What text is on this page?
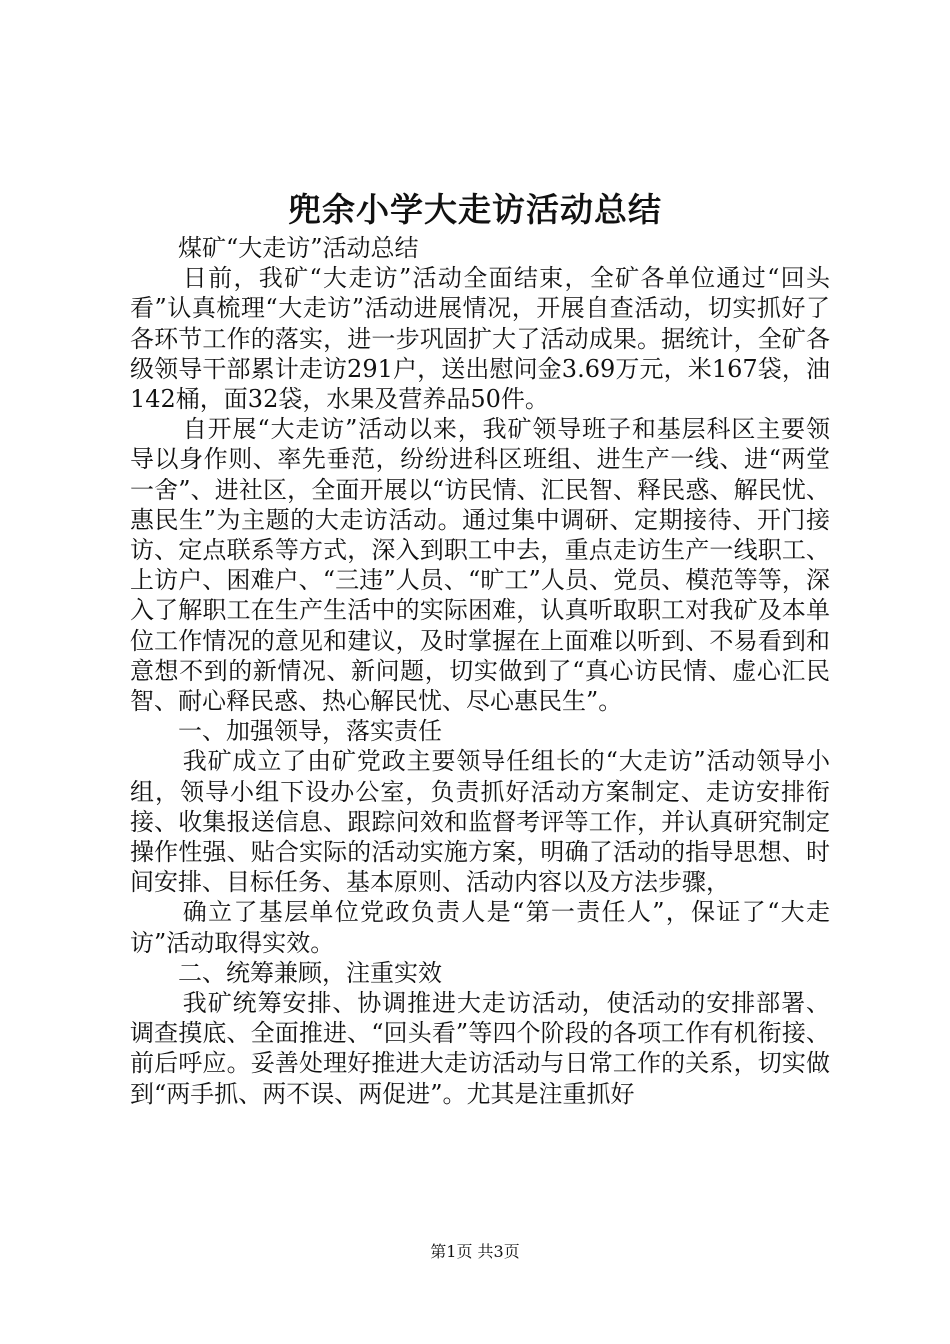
兜余小学大走访活动总结

煤矿“大走访”活动总结

日前，我矿“大走访”活动全面结束，全矿各单位通过“回头看”认真梳理“大走访”活动进展情况，开展自查活动，切实抓好了各环节工作的落实，进一步巩固扩大了活动成果。据统计，全矿各级领导干部累计走访291户，送出慰问金3.69万元，米167袋，油142桶，面32袋，水果及营养品50件。

自开展“大走访”活动以来，我矿领导班子和基层科区主要领导以身作则、率先垂范，纷纷进科区班组、进生产一线、进“两堂一舍”、进社区，全面开展以“访民情、汇民智、释民惑、解民忧、惠民生”为主题的大走访活动。通过集中调研、定期接待、开门接访、定点联系等方式，深入到职工中去，重点走访生产一线职工、上访户、困难户、“三违”人员、“旷工”人员、党员、模范等等，深入了解职工在生产生活中的实际困难，认真听取职工对我矿及本单位工作情况的意见和建议，及时掌握在上面难以听到、不易看到和意想不到的新情况、新问题，切实做到了“真心访民情、虚心汇民智、耐心释民惑、热心解民忧、尽心惠民生”。

一、加强领导，落实责任

我矿成立了由矿党政主要领导任组长的“大走访”活动领导小组，领导小组下设办公室，负责抓好活动方案制定、走访安排衔接、收集报送信息、跟踪问效和监督考评等工作，并认真研究制定操作性强、贴合实际的活动实施方案，明确了活动的指导思想、时间安排、目标任务、基本原则、活动内容以及方法步骤，

确立了基层单位党政负责人是“第一责任人”，保证了“大走访”活动取得实效。

二、统筹兼顾，注重实效

我矿统筹安排、协调推进大走访活动，使活动的安排部署、调查摸底、全面推进、“回头看”等四个阶段的各项工作有机衔接、前后呼应。妥善处理好推进大走访活动与日常工作的关系，切实做到“两手抓、两不误、两促进”。尤其是注重抓好

第1页 共3页
